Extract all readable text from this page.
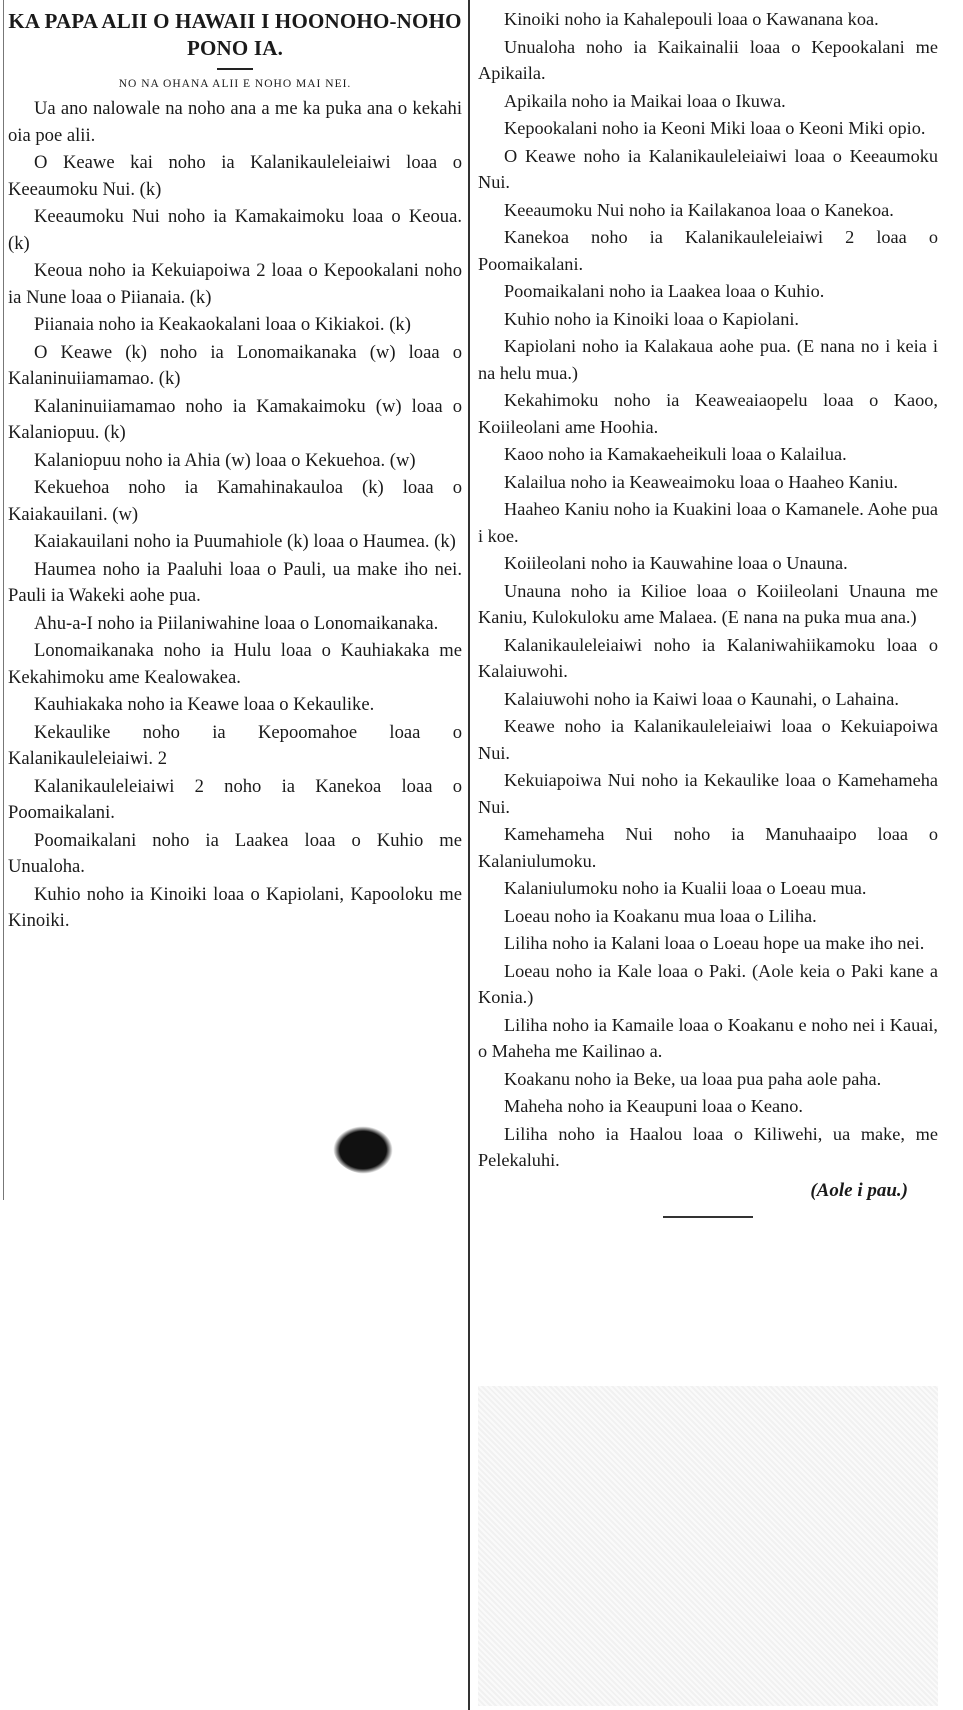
KA PAPA ALII O HAWAII I HOONOHO-NOHO PONO IA.
NO NA OHANA ALII E NOHO MAI NEI.

Ua ano nalowale na noho ana a me ka puka ana o kekahi oia poe alii.

O Keawe kai noho ia Kalanikauleleiaiwi loaa o Keeaumoku Nui. (k)

Keeaumoku Nui noho ia Kamakaimoku loaa o Keoua. (k)

Keoua noho ia Kekuiapoiwa 2 loaa o Kepookalani noho ia Nune loaa o Piianaia. (k)

Piianaia noho ia Keakaokalani loaa o Kikiakoi. (k)

O Keawe (k) noho ia Lonomaikanaka (w) loaa o Kalaninuiiamamao. (k)

Kalaninuiiamamao noho ia Kamakaimoku (w) loaa o Kalaniopuu. (k)

Kalaniopuu noho ia Ahia (w) loaa o Kekuehoa. (w)

Kekuehoa noho ia Kamahinakauloa (k) loaa o Kaiakauilani. (w)

Kaiakauilani noho ia Puumahiole (k) loaa o Haumea. (k)

Haumea noho ia Paaluhi loaa o Pauli, ua make iho nei. Pauli ia Wakeki aohe pua.

Ahu-a-I noho ia Piilaniwahine loaa o Lonomaikanaka.

Lonomaikanaka noho ia Hulu loaa o Kauhiakaka me Kekahimoku ame Kealowakea.

Kauhiakaka noho ia Keawe loaa o Kekaulike.

Kekaulike noho ia Kepoomahoe loaa o Kalanikauleleiaiwi. 2

Kalanikauleleiaiwi 2 noho ia Kanekoa loaa o Poomaikalani.

Poomaikalani noho ia Laakea loaa o Kuhio me Unualoha.

Kuhio noho ia Kinoiki loaa o Kapiolani, Kapooloku me Kinoiki.

Kinoiki noho ia Kahalepouli loaa o Kawanana koa.

Unualoha noho ia Kaikainalii loaa o Kepookalani me Apikaila.

Apikaila noho ia Maikai loaa o Ikuwa.

Kepookalani noho ia Keoni Miki loaa o Keoni Miki opio.

O Keawe noho ia Kalanikauleleiaiwi loaa o Keeaumoku Nui.

Keeaumoku Nui noho ia Kailakanoa loaa o Kanekoa.

Kanekoa noho ia Kalanikauleleiaiwi 2 loaa o Poomaikalani.

Poomaikalani noho ia Laakea loaa o Kuhio.

Kuhio noho ia Kinoiki loaa o Kapiolani.

Kapiolani noho ia Kalakaua aohe pua. (E nana no i keia i na helu mua.)

Kekahimoku noho ia Keaweaiaopelu loaa o Kaoo, Koiileolani ame Hoohia.

Kaoo noho ia Kamakaeheikuli loaa o Kalailua.

Kalailua noho ia Keaweaimoku loaa o Haaheo Kaniu.

Haaheo Kaniu noho ia Kuakini loaa o Kamanele. Aohe pua i koe.

Koiileolani noho ia Kauwahine loaa o Unauna.

Unauna noho ia Kilioe loaa o Koiileolani Unauna me Kaniu, Kulokuloku ame Malaea. (E nana na puka mua ana.)

Kalanikauleleiaiwi noho ia Kalaniwahiikamoku loaa o Kalaiuwohi.

Kalaiuwohi noho ia Kaiwi loaa o Kaunahi, o Lahaina.

Keawe noho ia Kalanikauleleiaiwi loaa o Kekuiapoiwa Nui.

Kekuiapoiwa Nui noho ia Kekaulike loaa o Kamehameha Nui.

Kamehameha Nui noho ia Manuhaaipo loaa o Kalaniulumoku.

Kalaniulumoku noho ia Kualii loaa o Loeau mua.

Loeau noho ia Koakanu mua loaa o Liliha.

Liliha noho ia Kalani loaa o Loeau hope ua make iho nei.

Loeau noho ia Kale loaa o Paki. (Aole keia o Paki kane a Konia.)

Liliha noho ia Kamaile loaa o Koakanu e noho nei i Kauai, o Maheha me Kailinao a.

Koakanu noho ia Beke, ua loaa pua paha aole paha.

Maheha noho ia Keaupuni loaa o Keano.

Liliha noho ia Haalou loaa o Kiliwehi, ua make, me Pelekaluhi.

(Aole i pau.)
